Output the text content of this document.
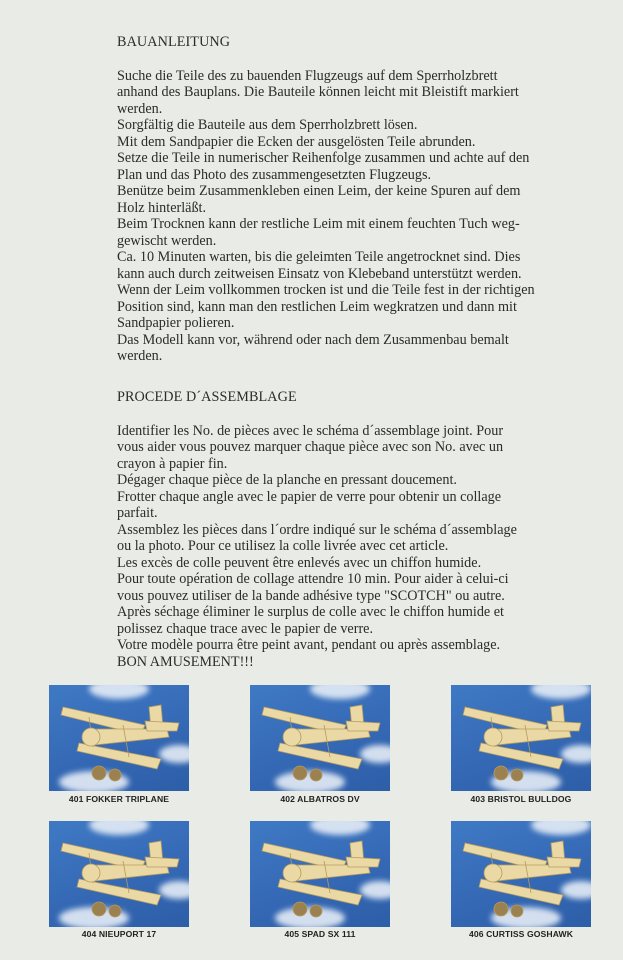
BAUANLEITUNG
Suche die Teile des zu bauenden Flugzeugs auf dem Sperrholzbrett
anhand des Bauplans. Die Bauteile können leicht mit Bleistift markiert
werden.
Sorgfältig die Bauteile aus dem Sperrholzbrett lösen.
Mit dem Sandpapier die Ecken der ausgelösten Teile abrunden.
Setze die Teile in numerischer Reihenfolge zusammen und achte auf den
Plan und das Photo des zusammengesetzten Flugzeugs.
Benütze beim Zusammenkleben einen Leim, der keine Spuren auf dem
Holz hinterläßt.
Beim Trocknen kann der restliche Leim mit einem feuchten Tuch weg-
gewischt werden.
Ca. 10 Minuten warten, bis die geleimten Teile angetrocknet sind. Dies
kann auch durch zeitweisen Einsatz von Klebeband unterstützt werden.
Wenn der Leim vollkommen trocken ist und die Teile fest in der richtigen
Position sind, kann man den restlichen Leim wegkratzen und dann mit
Sandpapier polieren.
Das Modell kann vor, während oder nach dem Zusammenbau bemalt
werden.
PROCEDE D´ASSEMBLAGE
Identifier les No. de pièces avec le schéma d´assemblage joint. Pour
vous aider vous pouvez marquer chaque pièce avec son No. avec un
crayon à papier fin.
Dégager chaque pièce de la planche en pressant doucement.
Frotter chaque angle avec le papier de verre pour obtenir un collage
parfait.
Assemblez les pièces dans l´ordre indiqué sur le schéma d´assemblage
ou la photo. Pour ce utilisez la colle livrée avec cet article.
Les excès de colle peuvent être enlevés avec un chiffon humide.
Pour toute opération de collage attendre 10 min. Pour aider à celui-ci
vous pouvez utiliser de la bande adhésive type "SCOTCH" ou autre.
Après séchage éliminer le surplus de colle avec le chiffon humide et
polissez chaque trace avec le papier de verre.
Votre modèle pourra être peint avant, pendant ou après assemblage.
BON AMUSEMENT!!!
401 FOKKER TRIPLANE	402 ALBATROS DV	403 BRISTOL BULLDOG
404 NIEUPORT 17	405 SPAD SX 111	406 CURTISS GOSHAWK
